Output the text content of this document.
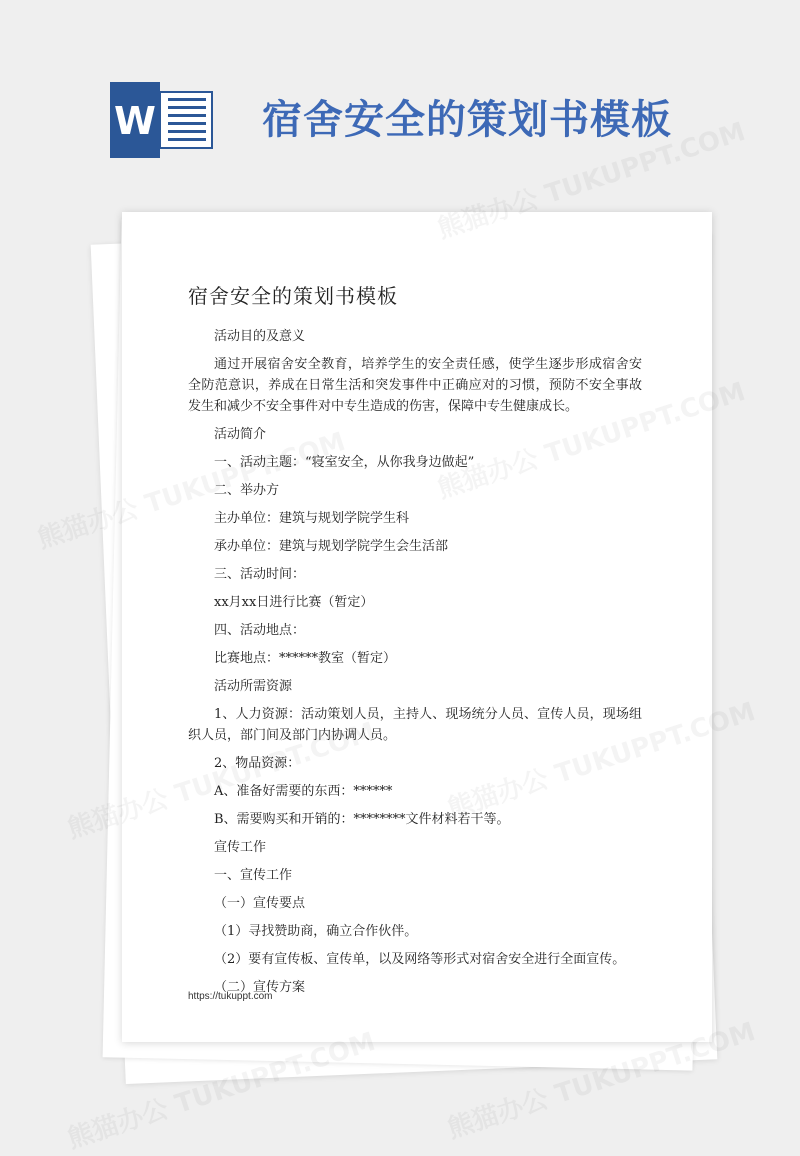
W	宿舍安全的策划书模板
宿舍安全的策划书模板

活动目的及意义

通过开展宿舍安全教育，培养学生的安全责任感，使学生逐步形成宿舍安全防范意识，养成在日常生活和突发事件中正确应对的习惯，预防不安全事故发生和减少不安全事件对中专生造成的伤害，保障中专生健康成长。

活动简介

一、活动主题：“寝室安全，从你我身边做起”

二、举办方

主办单位：建筑与规划学院学生科

承办单位：建筑与规划学院学生会生活部

三、活动时间：

xx月xx日进行比赛（暂定）

四、活动地点：

比赛地点：******教室（暂定）

活动所需资源

1、人力资源：活动策划人员，主持人、现场统分人员、宣传人员，现场组织人员，部门间及部门内协调人员。

2、物品资源：

A、准备好需要的东西：******

B、需要购买和开销的：********文件材料若干等。

宣传工作

一、宣传工作

（一）宣传要点

（1）寻找赞助商，确立合作伙伴。

（2）要有宣传板、宣传单，以及网络等形式对宿舍安全进行全面宣传。

（二）宣传方案

https://tukuppt.com
